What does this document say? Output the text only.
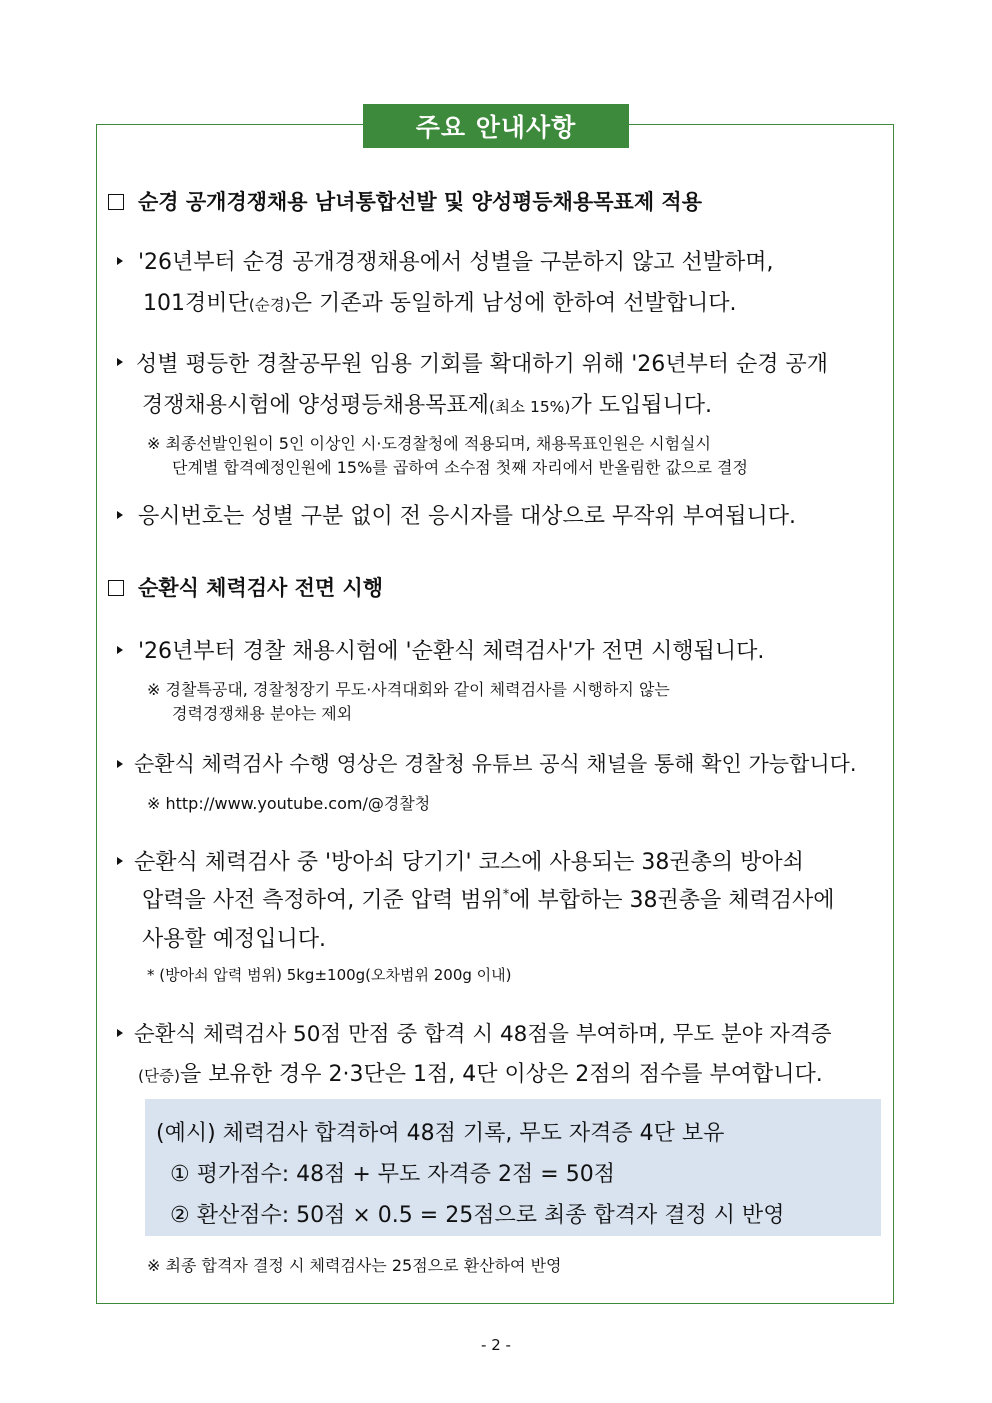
주요 안내사항
순경 공개경쟁채용 남녀통합선발 및 양성평등채용목표제 적용
'26년부터 순경 공개경쟁채용에서 성별을 구분하지 않고 선발하며,
101경비단(순경)은 기존과 동일하게 남성에 한하여 선발합니다.
성별 평등한 경찰공무원 임용 기회를 확대하기 위해 '26년부터 순경 공개
경쟁채용시험에 양성평등채용목표제(최소 15%)가 도입됩니다.
※ 최종선발인원이 5인 이상인 시·도경찰청에 적용되며, 채용목표인원은 시험실시
단계별 합격예정인원에 15%를 곱하여 소수점 첫째 자리에서 반올림한 값으로 결정
응시번호는 성별 구분 없이 전 응시자를 대상으로 무작위 부여됩니다.
순환식 체력검사 전면 시행
'26년부터 경찰 채용시험에 '순환식 체력검사'가 전면 시행됩니다.
※ 경찰특공대, 경찰청장기 무도·사격대회와 같이 체력검사를 시행하지 않는
경력경쟁채용 분야는 제외
순환식 체력검사 수행 영상은 경찰청 유튜브 공식 채널을 통해 확인 가능합니다.
※ http://www.youtube.com/@경찰청
순환식 체력검사 중 '방아쇠 당기기' 코스에 사용되는 38권총의 방아쇠
압력을 사전 측정하여, 기준 압력 범위*에 부합하는 38권총을 체력검사에
사용할 예정입니다.
* (방아쇠 압력 범위) 5kg±100g(오차범위 200g 이내)
순환식 체력검사 50점 만점 중 합격 시 48점을 부여하며, 무도 분야 자격증
(단증)을 보유한 경우 2·3단은 1점, 4단 이상은 2점의 점수를 부여합니다.
(예시) 체력검사 합격하여 48점 기록, 무도 자격증 4단 보유
① 평가점수: 48점 + 무도 자격증 2점 = 50점
② 환산점수: 50점 × 0.5 = 25점으로 최종 합격자 결정 시 반영
※ 최종 합격자 결정 시 체력검사는 25점으로 환산하여 반영
- 2 -
